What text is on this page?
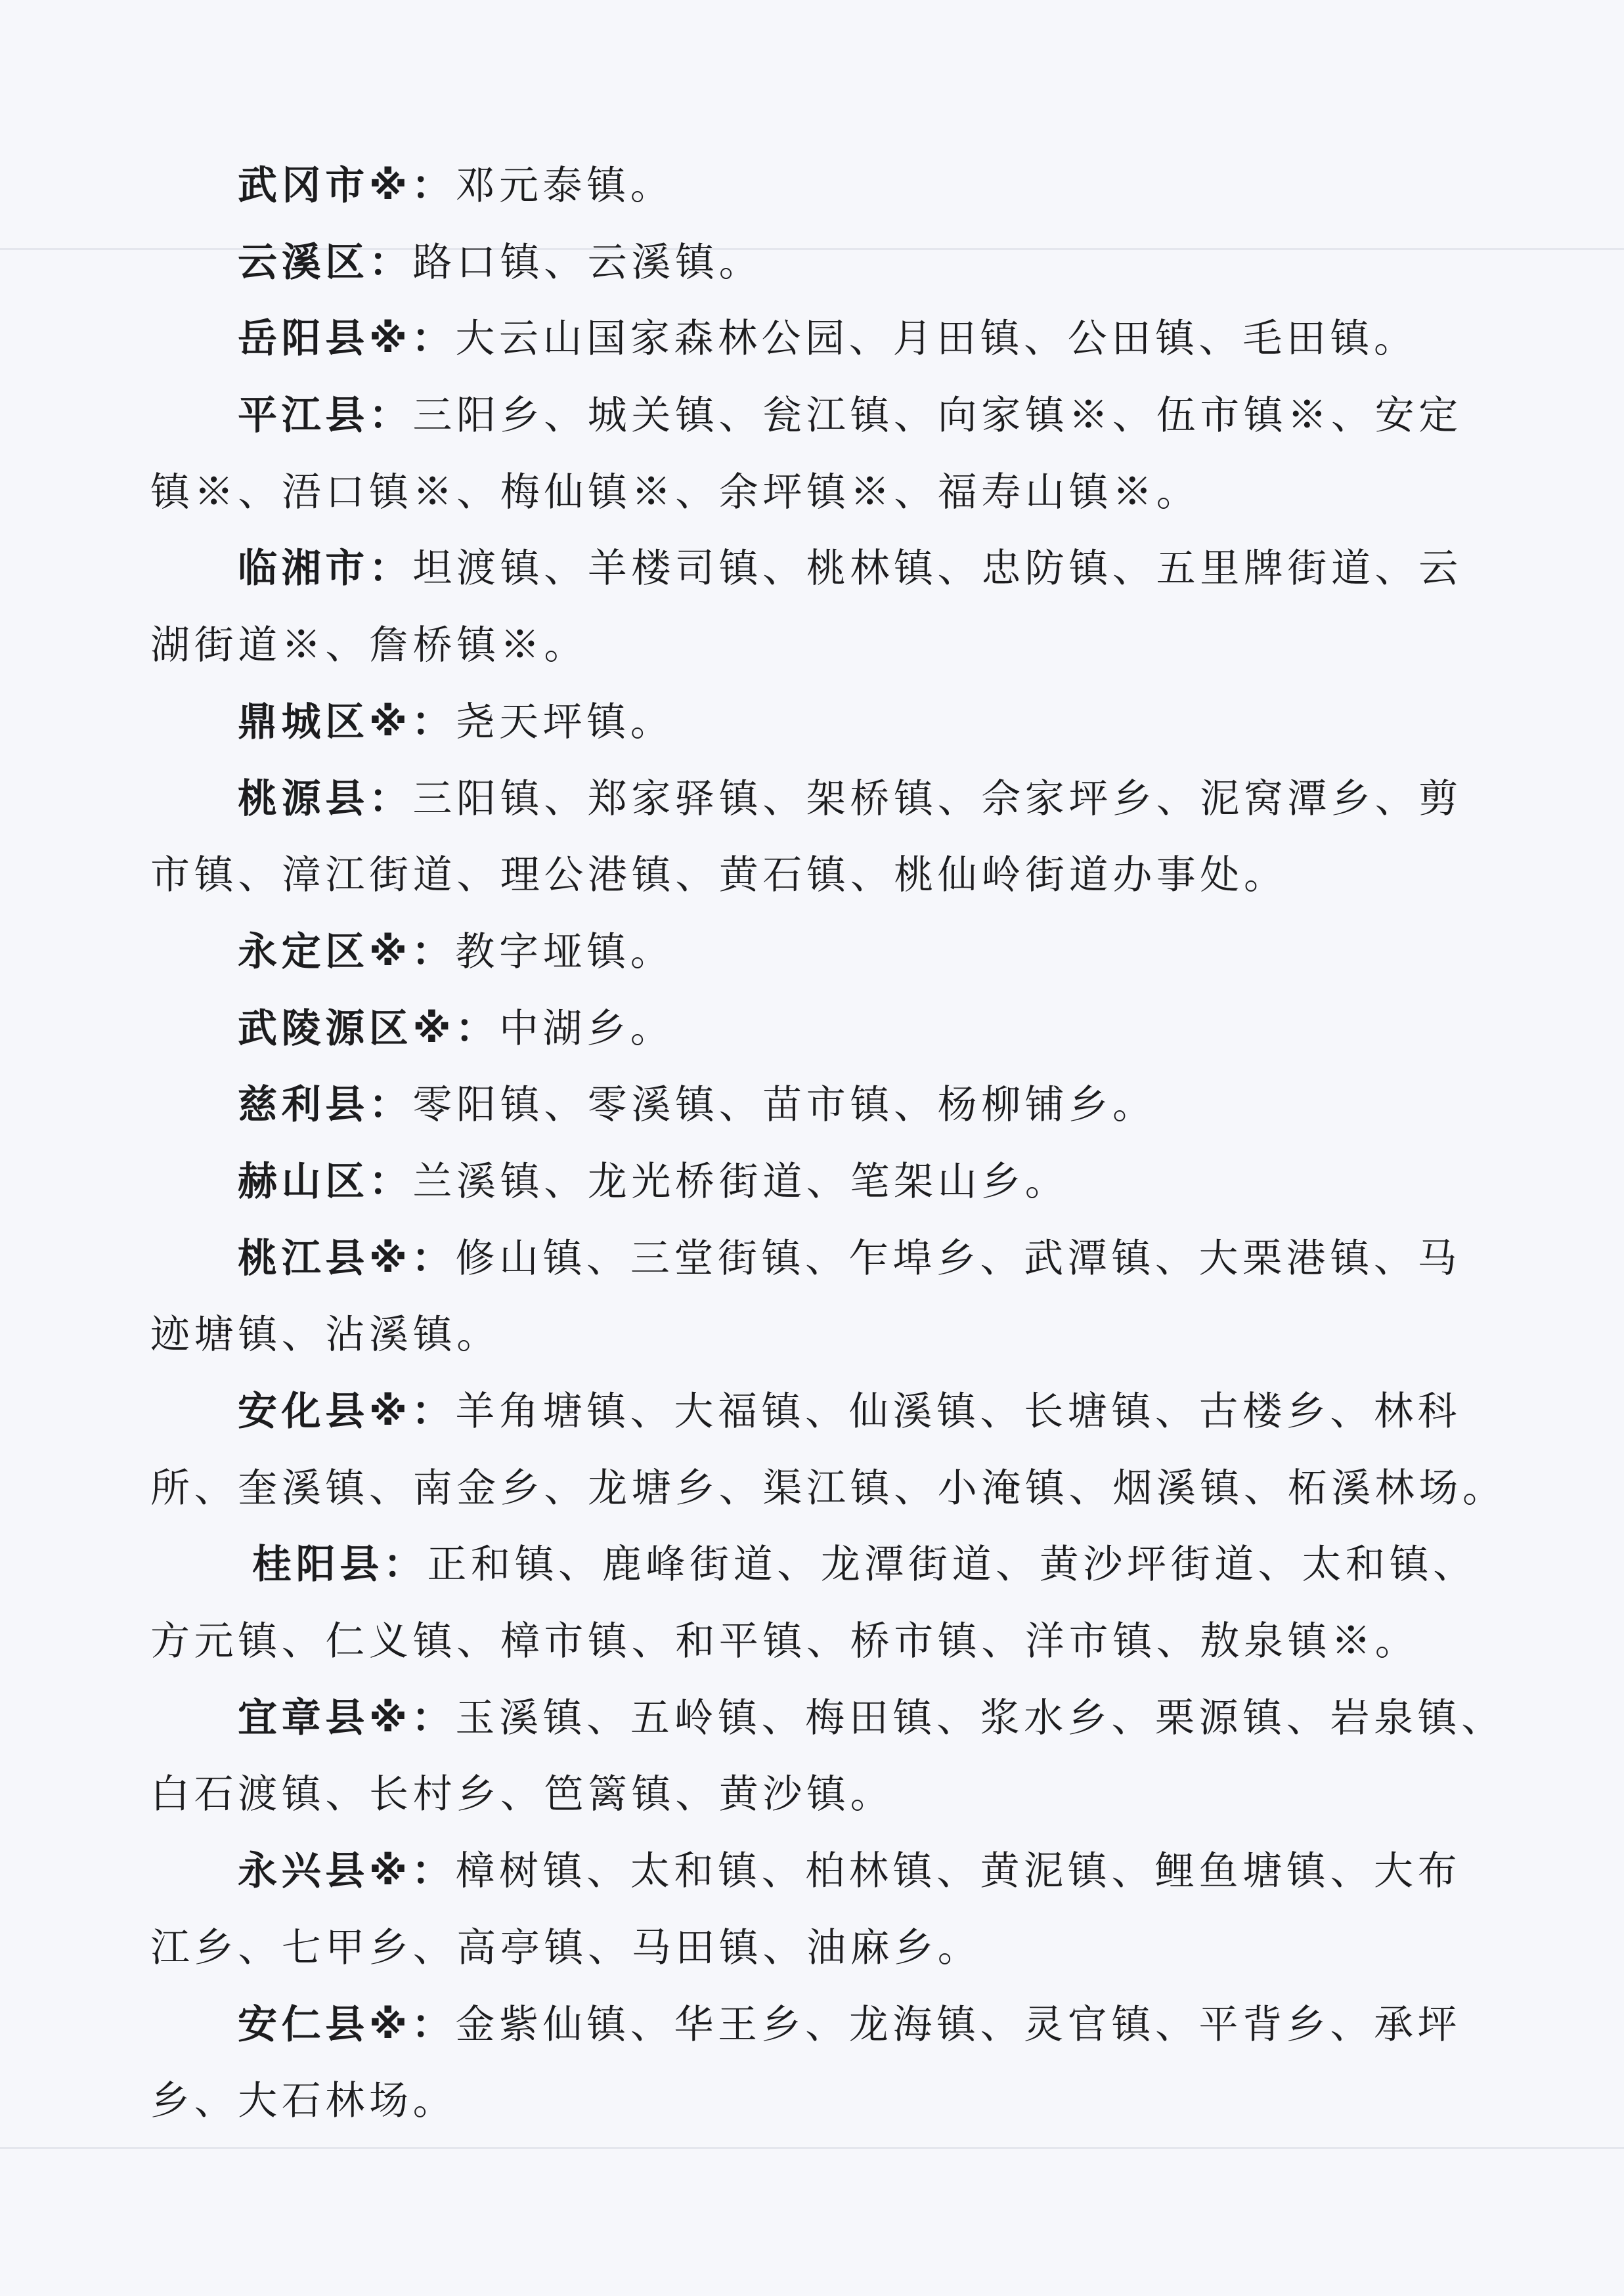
武冈市※：邓元泰镇。
云溪区：路口镇、云溪镇。
岳阳县※：大云山国家森林公园、月田镇、公田镇、毛田镇。
平江县：三阳乡、城关镇、瓮江镇、向家镇※、伍市镇※、安定
镇※、浯口镇※、梅仙镇※、余坪镇※、福寿山镇※。
临湘市：坦渡镇、羊楼司镇、桃林镇、忠防镇、五里牌街道、云
湖街道※、詹桥镇※。
鼎城区※：尧天坪镇。
桃源县：三阳镇、郑家驿镇、架桥镇、佘家坪乡、泥窝潭乡、剪
市镇、漳江街道、理公港镇、黄石镇、桃仙岭街道办事处。
永定区※：教字垭镇。
武陵源区※：中湖乡。
慈利县：零阳镇、零溪镇、苗市镇、杨柳铺乡。
赫山区：兰溪镇、龙光桥街道、笔架山乡。
桃江县※：修山镇、三堂街镇、乍埠乡、武潭镇、大栗港镇、马
迹塘镇、沾溪镇。
安化县※：羊角塘镇、大福镇、仙溪镇、长塘镇、古楼乡、林科
所、奎溪镇、南金乡、龙塘乡、渠江镇、小淹镇、烟溪镇、柘溪林场。
桂阳县：正和镇、鹿峰街道、龙潭街道、黄沙坪街道、太和镇、
方元镇、仁义镇、樟市镇、和平镇、桥市镇、洋市镇、敖泉镇※。
宜章县※：玉溪镇、五岭镇、梅田镇、浆水乡、栗源镇、岩泉镇、
白石渡镇、长村乡、笆篱镇、黄沙镇。
永兴县※：樟树镇、太和镇、柏林镇、黄泥镇、鲤鱼塘镇、大布
江乡、七甲乡、高亭镇、马田镇、油麻乡。
安仁县※：金紫仙镇、华王乡、龙海镇、灵官镇、平背乡、承坪
乡、大石林场。
